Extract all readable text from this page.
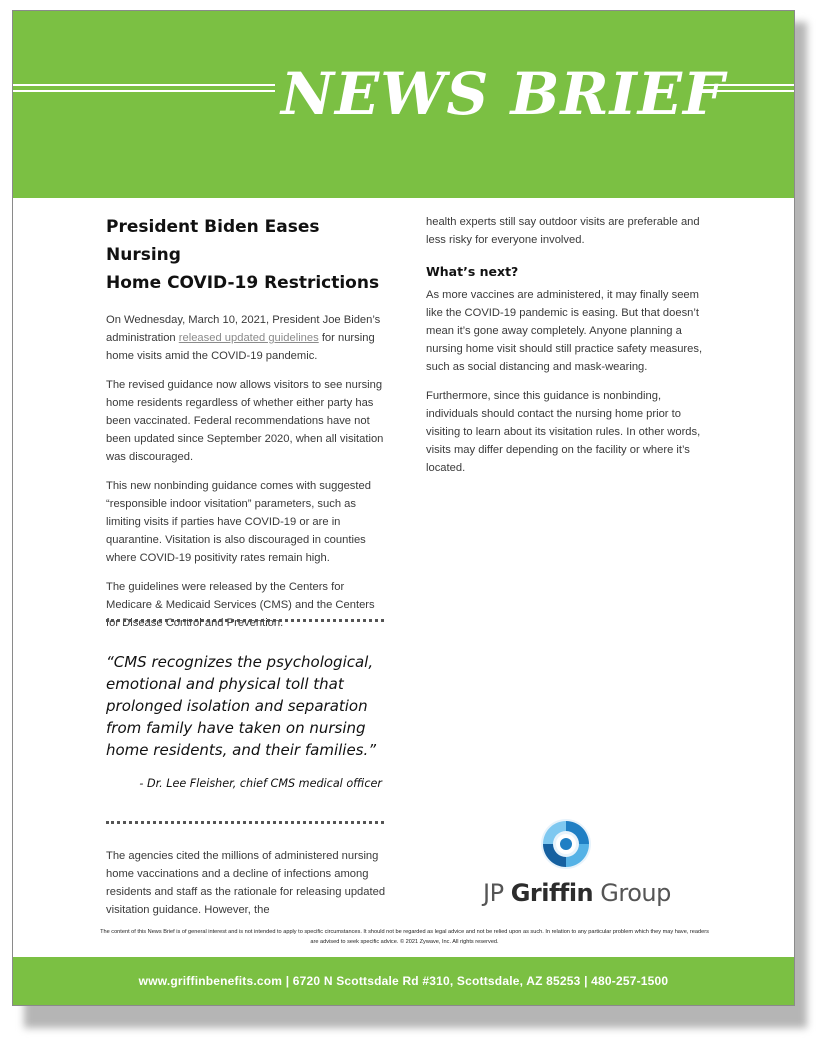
NEWS BRIEF
President Biden Eases Nursing
Home COVID-19 Restrictions

On Wednesday, March 10, 2021, President Joe Biden’s administration released updated guidelines for nursing home visits amid the COVID-19 pandemic.

The revised guidance now allows visitors to see nursing home residents regardless of whether either party has been vaccinated. Federal recommendations have not been updated since September 2020, when all visitation was discouraged.

This new nonbinding guidance comes with suggested “responsible indoor visitation” parameters, such as limiting visits if parties have COVID-19 or are in quarantine. Visitation is also discouraged in counties where COVID-19 positivity rates remain high.

The guidelines were released by the Centers for Medicare & Medicaid Services (CMS) and the Centers for Disease Control and Prevention.

“CMS recognizes the psychological, emotional and physical toll that prolonged isolation and separation from family have taken on nursing home residents, and their families.”

- Dr. Lee Fleisher, chief CMS medical officer

The agencies cited the millions of administered nursing home vaccinations and a decline of infections among residents and staff as the rationale for releasing updated visitation guidance. However, the

health experts still say outdoor visits are preferable and less risky for everyone involved.

What’s next?

As more vaccines are administered, it may finally seem like the COVID-19 pandemic is easing. But that doesn’t mean it’s gone away completely. Anyone planning a nursing home visit should still practice safety measures, such as social distancing and mask-wearing.

Furthermore, since this guidance is nonbinding, individuals should contact the nursing home prior to visiting to learn about its visitation rules. In other words, visits may differ depending on the facility or where it’s located.

JP Griffin Group
The content of this News Brief is of general interest and is not intended to apply to specific circumstances. It should not be regarded as legal advice and not be relied upon as such. In relation to any particular problem which they may have, readers are advised to seek specific advice. © 2021 Zywave, Inc. All rights reserved.
www.griffinbenefits.com | 6720 N Scottsdale Rd #310, Scottsdale, AZ 85253 | 480-257-1500
